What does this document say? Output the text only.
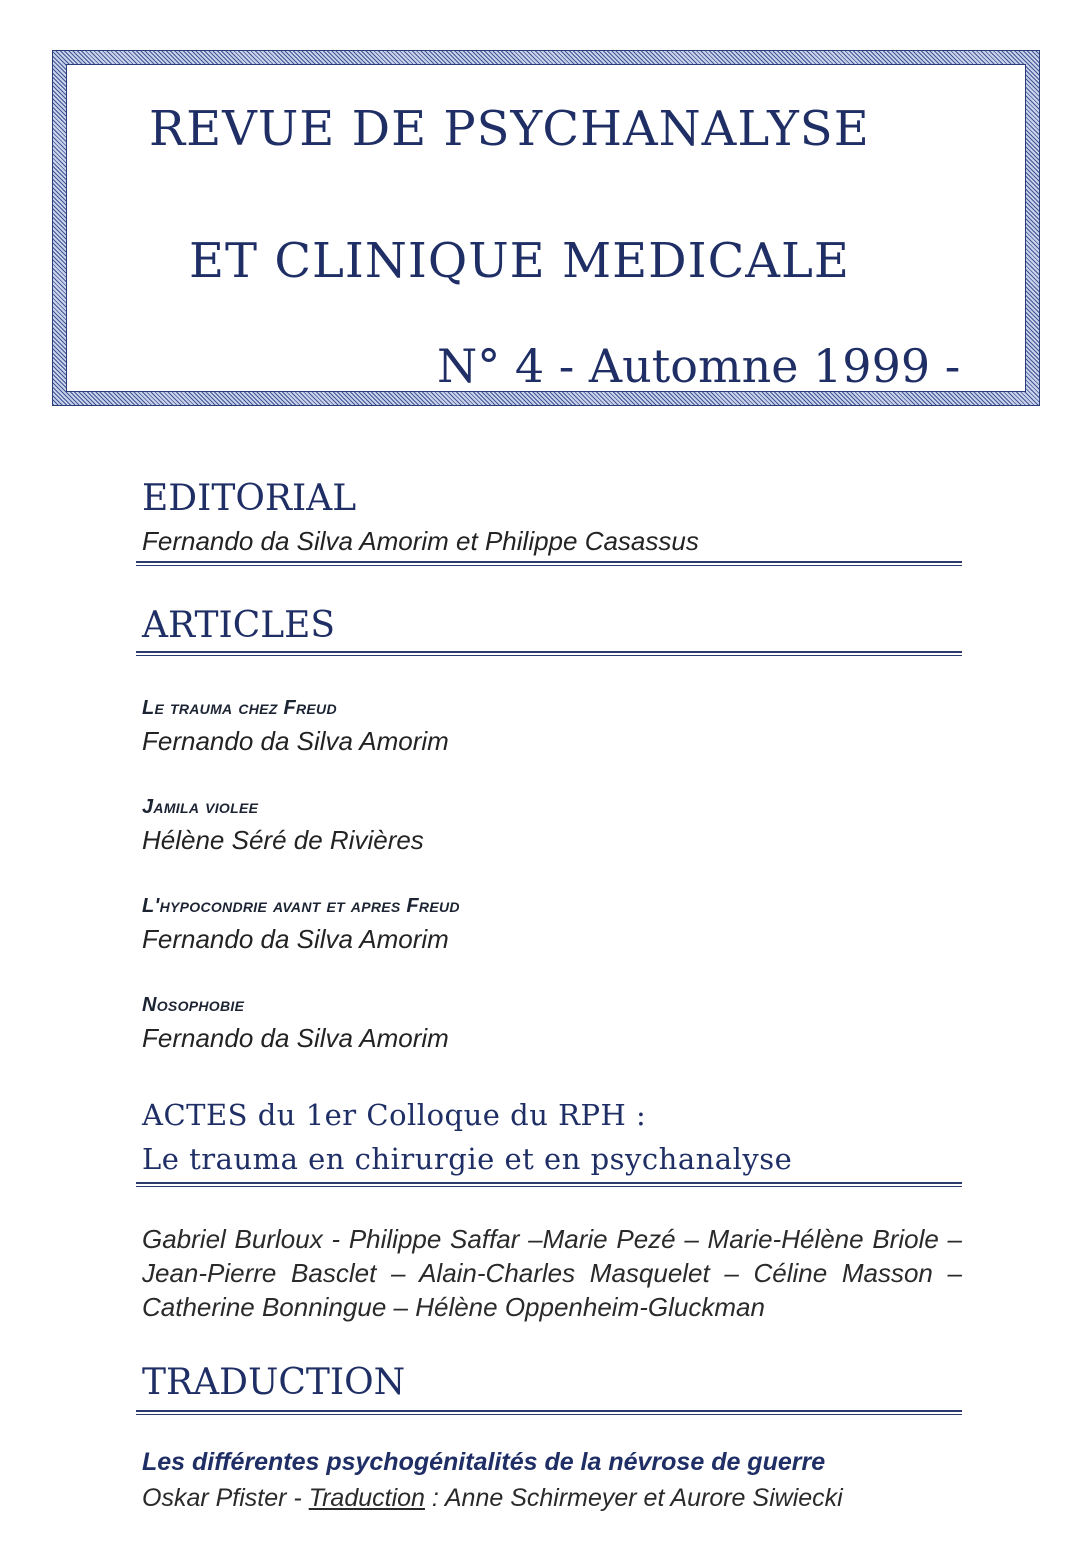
REVUE DE PSYCHANALYSE
ET CLINIQUE MEDICALE
N° 4 - Automne 1999 -
EDITORIAL
Fernando da Silva Amorim et Philippe Casassus
ARTICLES
Le trauma chez Freud
Fernando da Silva Amorim
Jamila violee
Hélène Séré de Rivières
L'hypocondrie avant et apres Freud
Fernando da Silva Amorim
Nosophobie
Fernando da Silva Amorim
ACTES du 1er Colloque du RPH :
Le trauma en chirurgie et en psychanalyse
Gabriel Burloux - Philippe Saffar –Marie Pezé – Marie-Hélène Briole – Jean-Pierre Basclet – Alain-Charles Masquelet – Céline Masson – Catherine Bonningue – Hélène Oppenheim-Gluckman
TRADUCTION
Les différentes psychogénitalités de la névrose de guerre
Oskar Pfister - Traduction : Anne Schirmeyer et Aurore Siwiecki
